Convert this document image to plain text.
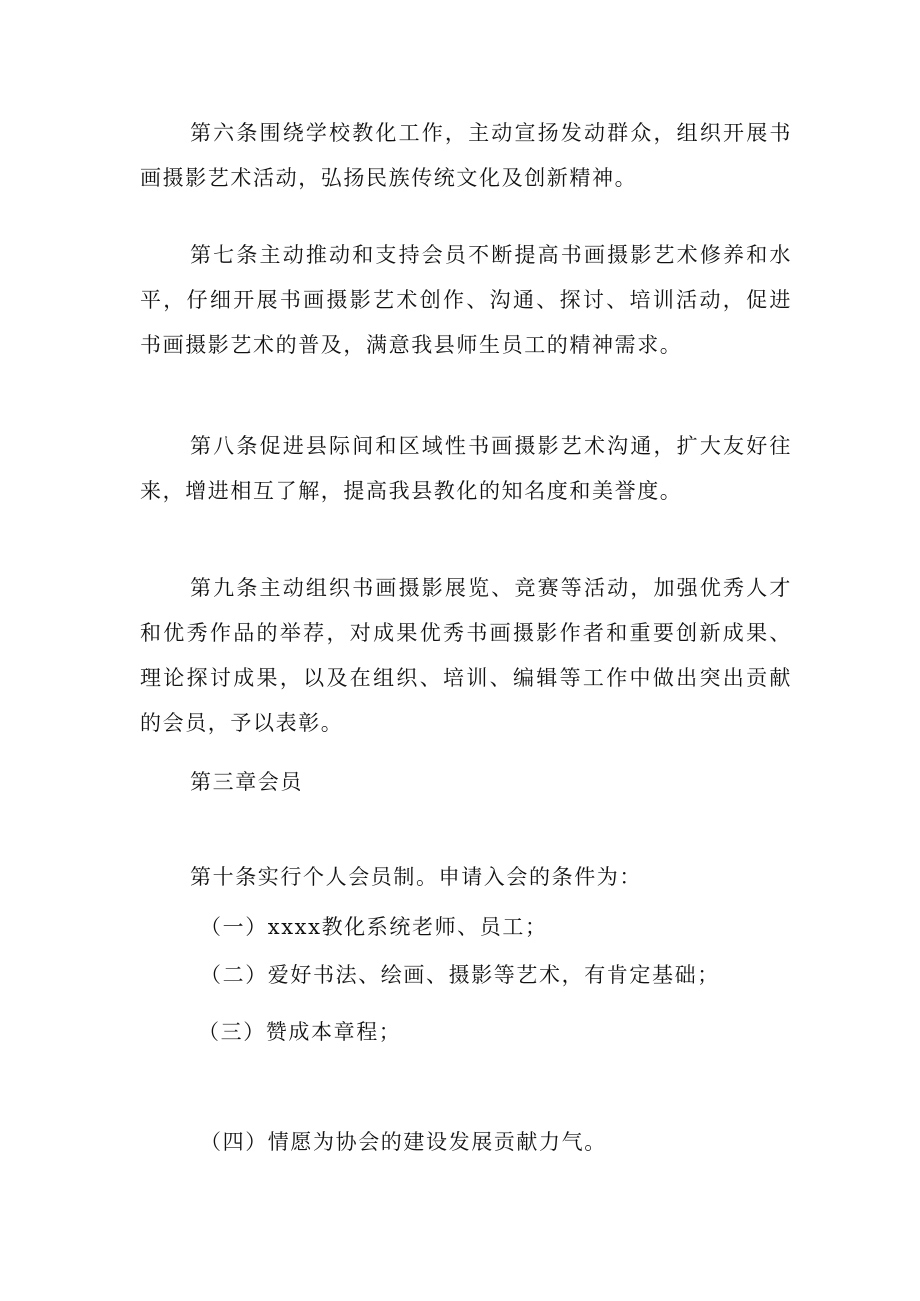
第六条围绕学校教化工作，主动宣扬发动群众，组织开展书画摄影艺术活动，弘扬民族传统文化及创新精神。

第七条主动推动和支持会员不断提高书画摄影艺术修养和水平，仔细开展书画摄影艺术创作、沟通、探讨、培训活动，促进书画摄影艺术的普及，满意我县师生员工的精神需求。

第八条促进县际间和区域性书画摄影艺术沟通，扩大友好往来，增进相互了解，提高我县教化的知名度和美誉度。

第九条主动组织书画摄影展览、竞赛等活动，加强优秀人才和优秀作品的举荐，对成果优秀书画摄影作者和重要创新成果、理论探讨成果，以及在组织、培训、编辑等工作中做出突出贡献的会员，予以表彰。

第三章会员

第十条实行个人会员制。申请入会的条件为：

（一）xxxx教化系统老师、员工；

（二）爱好书法、绘画、摄影等艺术，有肯定基础；

（三）赞成本章程；

（四）情愿为协会的建设发展贡献力气。
